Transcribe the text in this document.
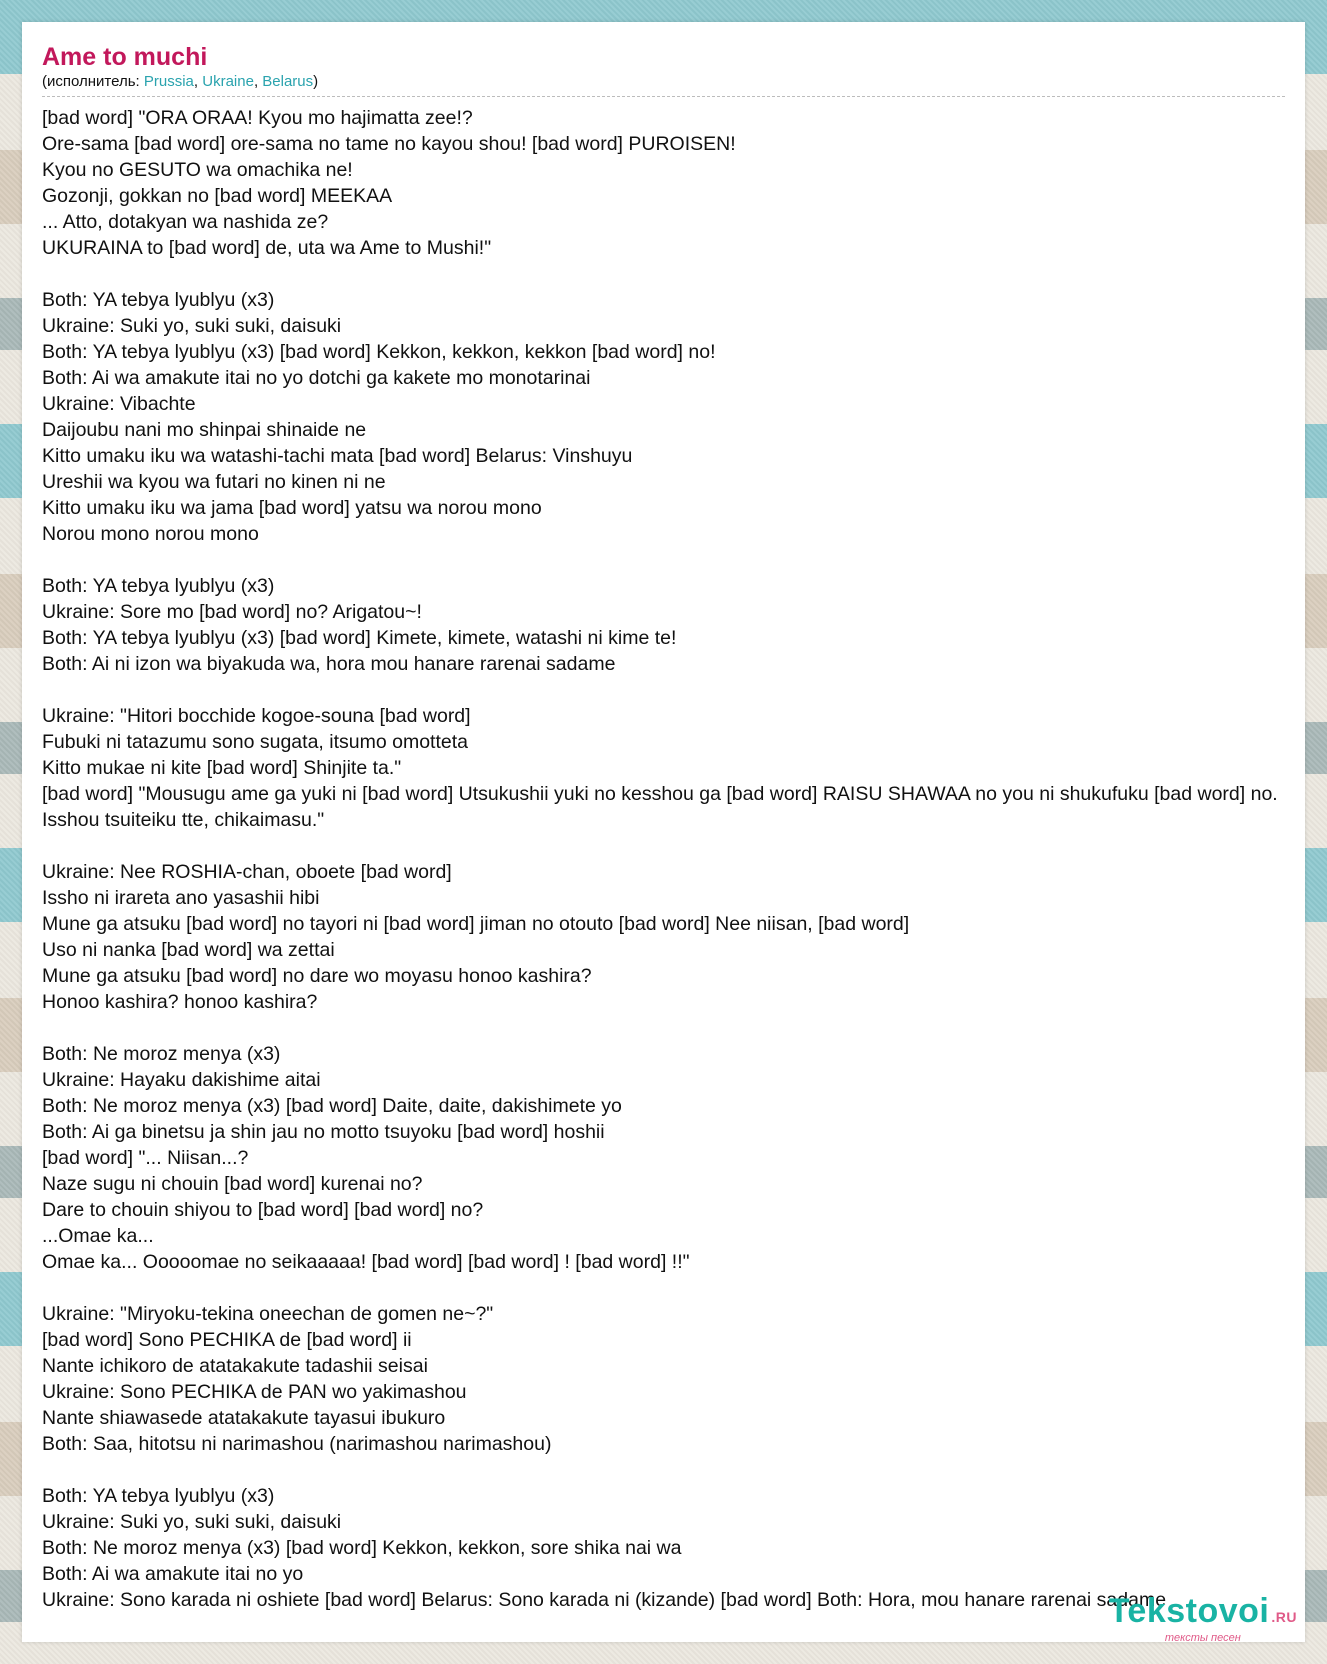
Ame to muchi
(исполнитель: Prussia, Ukraine, Belarus)
[bad word] "ORA ORAA! Kyou mo hajimatta zee!?
Ore-sama [bad word] ore-sama no tame no kayou shou! [bad word] PUROISEN!
Kyou no GESUTO wa omachika ne!
Gozonji, gokkan no [bad word] MEEKAA
... Atto, dotakyan wa nashida ze?
UKURAINA to [bad word] de, uta wa Ame to Mushi!"
Both: YA tebya lyublyu (x3)
Ukraine: Suki yo, suki suki, daisuki
Both: YA tebya lyublyu (x3) [bad word] Kekkon, kekkon, kekkon [bad word] no!
Both: Ai wa amakute itai no yo dotchi ga kakete mo monotarinai
Ukraine: Vibachte
Daijoubu nani mo shinpai shinaide ne
Kitto umaku iku wa watashi-tachi mata [bad word] Belarus: Vinshuyu
Ureshii wa kyou wa futari no kinen ni ne
Kitto umaku iku wa jama [bad word] yatsu wa norou mono
Norou mono norou mono
Both: YA tebya lyublyu (x3)
Ukraine: Sore mo [bad word] no? Arigatou~!
Both: YA tebya lyublyu (x3) [bad word] Kimete, kimete, watashi ni kime te!
Both: Ai ni izon wa biyakuda wa, hora mou hanare rarenai sadame
Ukraine: "Hitori bocchide kogoe-souna [bad word]
Fubuki ni tatazumu sono sugata, itsumo omotteta
Kitto mukae ni kite [bad word] Shinjite ta."
[bad word] "Mousugu ame ga yuki ni [bad word] Utsukushii yuki no kesshou ga [bad word] RAISU SHAWAA no you ni shukufuku [bad word] no.
Isshou tsuiteiku tte, chikaimasu."
Ukraine: Nee ROSHIA-chan, oboete [bad word]
Issho ni irareta ano yasashii hibi
Mune ga atsuku [bad word] no tayori ni [bad word] jiman no otouto [bad word] Nee niisan, [bad word]
Uso ni nanka [bad word] wa zettai
Mune ga atsuku [bad word] no dare wo moyasu honoo kashira?
Honoo kashira? honoo kashira?
Both: Ne moroz menya (x3)
Ukraine: Hayaku dakishime aitai
Both: Ne moroz menya (x3) [bad word] Daite, daite, dakishimete yo
Both: Ai ga binetsu ja shin jau no motto tsuyoku [bad word] hoshii
[bad word] "... Niisan...?
Naze sugu ni chouin [bad word] kurenai no?
Dare to chouin shiyou to [bad word] [bad word] no?
...Omae ka...
Omae ka... Ooooomae no seikaaaaa! [bad word] [bad word] ! [bad word] !!"
Ukraine: "Miryoku-tekina oneechan de gomen ne~?"
[bad word] Sono PECHIKA de [bad word] ii
Nante ichikoro de atatakakute tadashii seisai
Ukraine: Sono PECHIKA de PAN wo yakimashou
Nante shiawasede atatakakute tayasui ibukuro
Both: Saa, hitotsu ni narimashou (narimashou narimashou)
Both: YA tebya lyublyu (x3)
Ukraine: Suki yo, suki suki, daisuki
Both: Ne moroz menya (x3) [bad word] Kekkon, kekkon, sore shika nai wa
Both: Ai wa amakute itai no yo
Ukraine: Sono karada ni oshiete [bad word] Belarus: Sono karada ni (kizande) [bad word] Both: Hora, mou hanare rarenai sadame
Tekstovoi .RU
тексты песен
